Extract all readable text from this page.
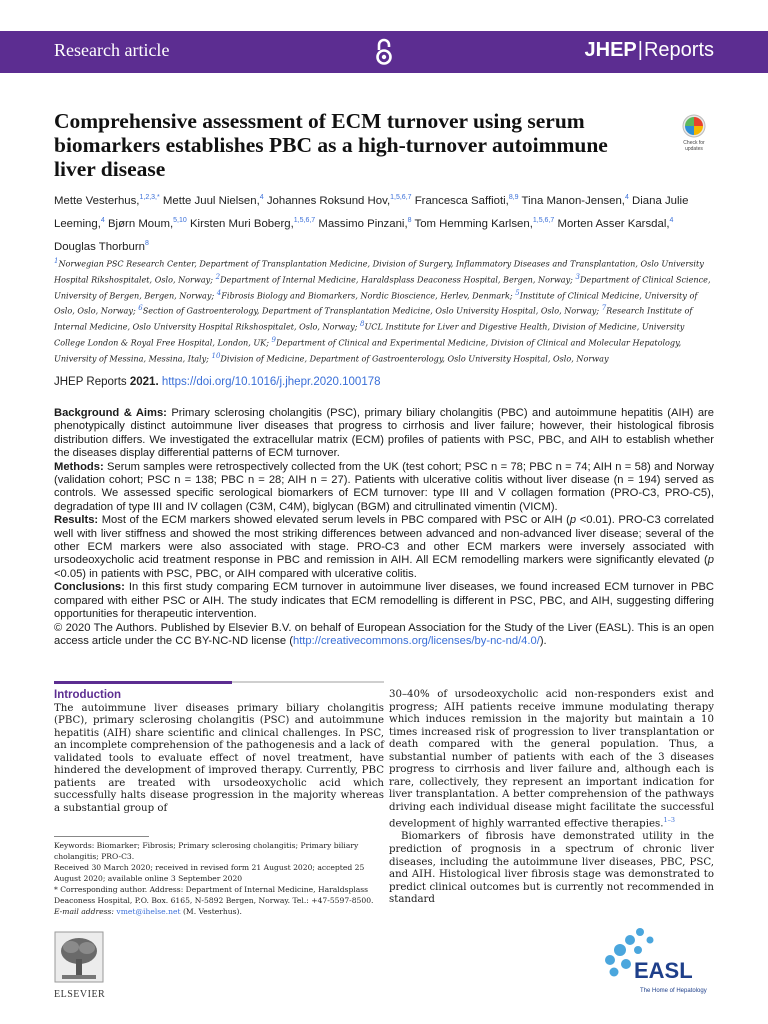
Research article	JHEP|Reports
Comprehensive assessment of ECM turnover using serum biomarkers establishes PBC as a high-turnover autoimmune liver disease
Check for
updates
Mette Vesterhus,$^{1,2,3,*}$ Mette Juul Nielsen,$^4$ Johannes Roksund Hov,$^{1,5,6,7}$ Francesca Saffioti,$^{8,9}$ Tina Manon-Jensen,$^4$ Diana Julie Leeming,$^4$ Bjørn Moum,$^{5,10}$ Kirsten Muri Boberg,$^{1,5,6,7}$ Massimo Pinzani,$^8$ Tom Hemming Karlsen,$^{1,5,6,7}$ Morten Asser Karsdal,$^4$ Douglas Thorburn$^8$
$^1$Norwegian PSC Research Center, Department of Transplantation Medicine, Division of Surgery, Inflammatory Diseases and Transplantation, Oslo University Hospital Rikshospitalet, Oslo, Norway; $^2$Department of Internal Medicine, Haraldsplass Deaconess Hospital, Bergen, Norway; $^3$Department of Clinical Science, University of Bergen, Bergen, Norway; $^4$Fibrosis Biology and Biomarkers, Nordic Bioscience, Herlev, Denmark; $^5$Institute of Clinical Medicine, University of Oslo, Oslo, Norway; $^6$Section of Gastroenterology, Department of Transplantation Medicine, Oslo University Hospital, Oslo, Norway; $^7$Research Institute of Internal Medicine, Oslo University Hospital Rikshospitalet, Oslo, Norway; $^8$UCL Institute for Liver and Digestive Health, Division of Medicine, University College London & Royal Free Hospital, London, UK; $^9$Department of Clinical and Experimental Medicine, Division of Clinical and Molecular Hepatology, University of Messina, Messina, Italy; $^{10}$Division of Medicine, Department of Gastroenterology, Oslo University Hospital, Oslo, Norway
JHEP Reports 2021. https://doi.org/10.1016/j.jhepr.2020.100178

Background & Aims: Primary sclerosing cholangitis (PSC), primary biliary cholangitis (PBC) and autoimmune hepatitis (AIH) are phenotypically distinct autoimmune liver diseases that progress to cirrhosis and liver failure; however, their histological fibrosis distribution differs. We investigated the extracellular matrix (ECM) profiles of patients with PSC, PBC, and AIH to establish whether the diseases display differential patterns of ECM turnover.

Methods: Serum samples were retrospectively collected from the UK (test cohort; PSC n = 78; PBC n = 74; AIH n = 58) and Norway (validation cohort; PSC n = 138; PBC n = 28; AIH n = 27). Patients with ulcerative colitis without liver disease (n = 194) served as controls. We assessed specific serological biomarkers of ECM turnover: type III and V collagen formation (PRO-C3, PRO-C5), degradation of type III and IV collagen (C3M, C4M), biglycan (BGM) and citrullinated vimentin (VICM).

Results: Most of the ECM markers showed elevated serum levels in PBC compared with PSC or AIH (p <0.01). PRO-C3 correlated well with liver stiffness and showed the most striking differences between advanced and non-advanced liver disease; several of the other ECM markers were also associated with stage. PRO-C3 and other ECM markers were inversely associated with ursodeoxycholic acid treatment response in PBC and remission in AIH. All ECM remodelling markers were significantly elevated (p <0.05) in patients with PSC, PBC, or AIH compared with ulcerative colitis.

Conclusions: In this first study comparing ECM turnover in autoimmune liver diseases, we found increased ECM turnover in PBC compared with either PSC or AIH. The study indicates that ECM remodelling is different in PSC, PBC, and AIH, suggesting differing opportunities for therapeutic intervention.

© 2020 The Authors. Published by Elsevier B.V. on behalf of European Association for the Study of the Liver (EASL). This is an open access article under the CC BY-NC-ND license (http://creativecommons.org/licenses/by-nc-nd/4.0/).

Introduction

The autoimmune liver diseases primary biliary cholangitis (PBC), primary sclerosing cholangitis (PSC) and autoimmune hepatitis (AIH) share scientific and clinical challenges. In PSC, an incomplete comprehension of the pathogenesis and a lack of validated tools to evaluate effect of novel treatment, have hindered the development of improved therapy. Currently, PBC patients are treated with ursodeoxycholic acid which successfully halts disease progression in the majority whereas a substantial group of

30–40% of ursodeoxycholic acid non-responders exist and progress; AIH patients receive immune modulating therapy which induces remission in the majority but maintain a 10 times increased risk of progression to liver transplantation or death compared with the general population. Thus, a substantial number of patients with each of the 3 diseases progress to cirrhosis and liver failure and, although each is rare, collectively, they represent an important indication for liver transplantation. A better comprehension of the pathways driving each individual disease might facilitate the successful development of highly warranted effective therapies.$^{1-3}$

Biomarkers of fibrosis have demonstrated utility in the prediction of prognosis in a spectrum of chronic liver diseases, including the autoimmune liver diseases, PBC, PSC, and AIH. Histological liver fibrosis stage was demonstrated to predict clinical outcomes but is currently not recommended in standard

Keywords: Biomarker; Fibrosis; Primary sclerosing cholangitis; Primary biliary cholangitis; PRO-C3.

Received 30 March 2020; received in revised form 21 August 2020; accepted 25 August 2020; available online 3 September 2020

* Corresponding author. Address: Department of Internal Medicine, Haraldsplass Deaconess Hospital, P.O. Box. 6165, N-5892 Bergen, Norway. Tel.: +47-5597-8500.

E-mail address: vmet@ihelse.net (M. Vesterhus).

ELSEVIER
EASL
The Home of Hepatology
